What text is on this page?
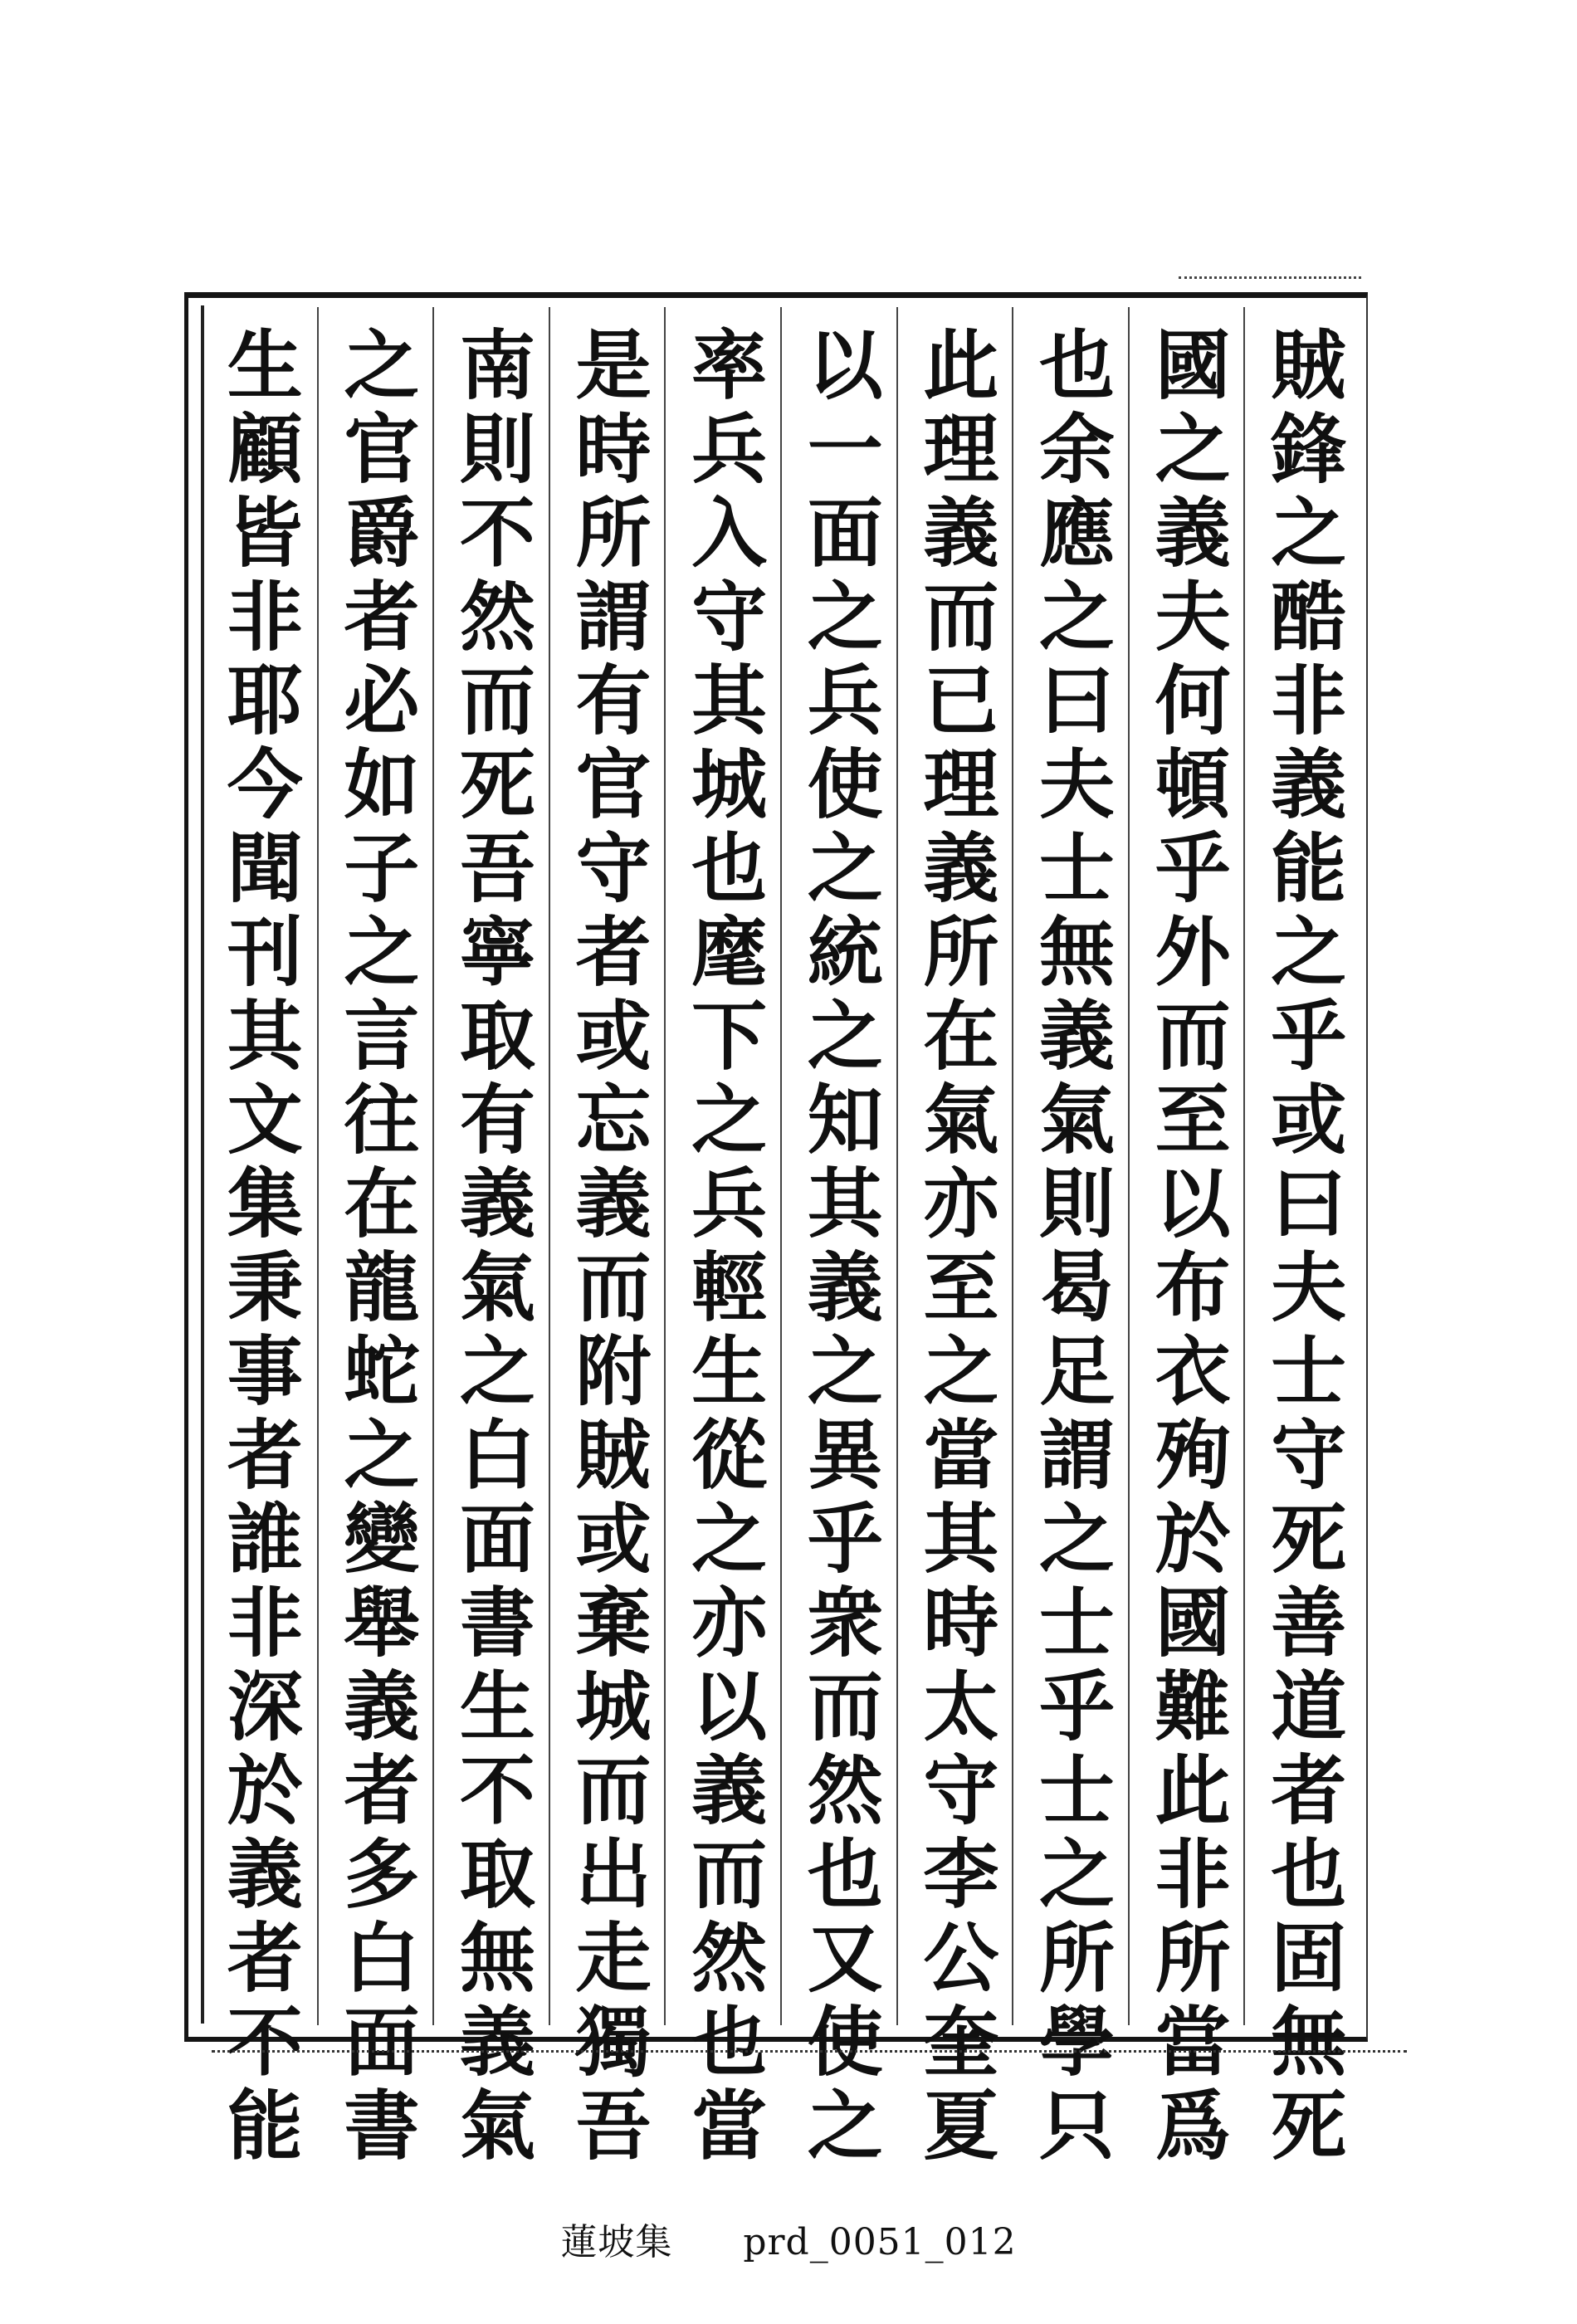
賊鋒之酷非義能之乎或曰夫士守死善道者也固無死
國之義夫何頓乎外而至以布衣殉於國難此非所當爲
也余應之曰夫士無義氣則曷足謂之士乎士之所學只
此理義而已理義所在氣亦至之當其時太守李公奎夏
以一面之兵使之統之知其義之異乎衆而然也又使之
率兵入守其城也麾下之兵輕生從之亦以義而然也當
是時所謂有官守者或忘義而附賊或棄城而出走獨吾
南則不然而死吾寧取有義氣之白面書生不取無義氣
之官爵者必如子之言往在龍蛇之變舉義者多白面書
生顧皆非耶今聞刊其文集秉事者誰非深於義者不能
蓮坡集 prd_0051_012
